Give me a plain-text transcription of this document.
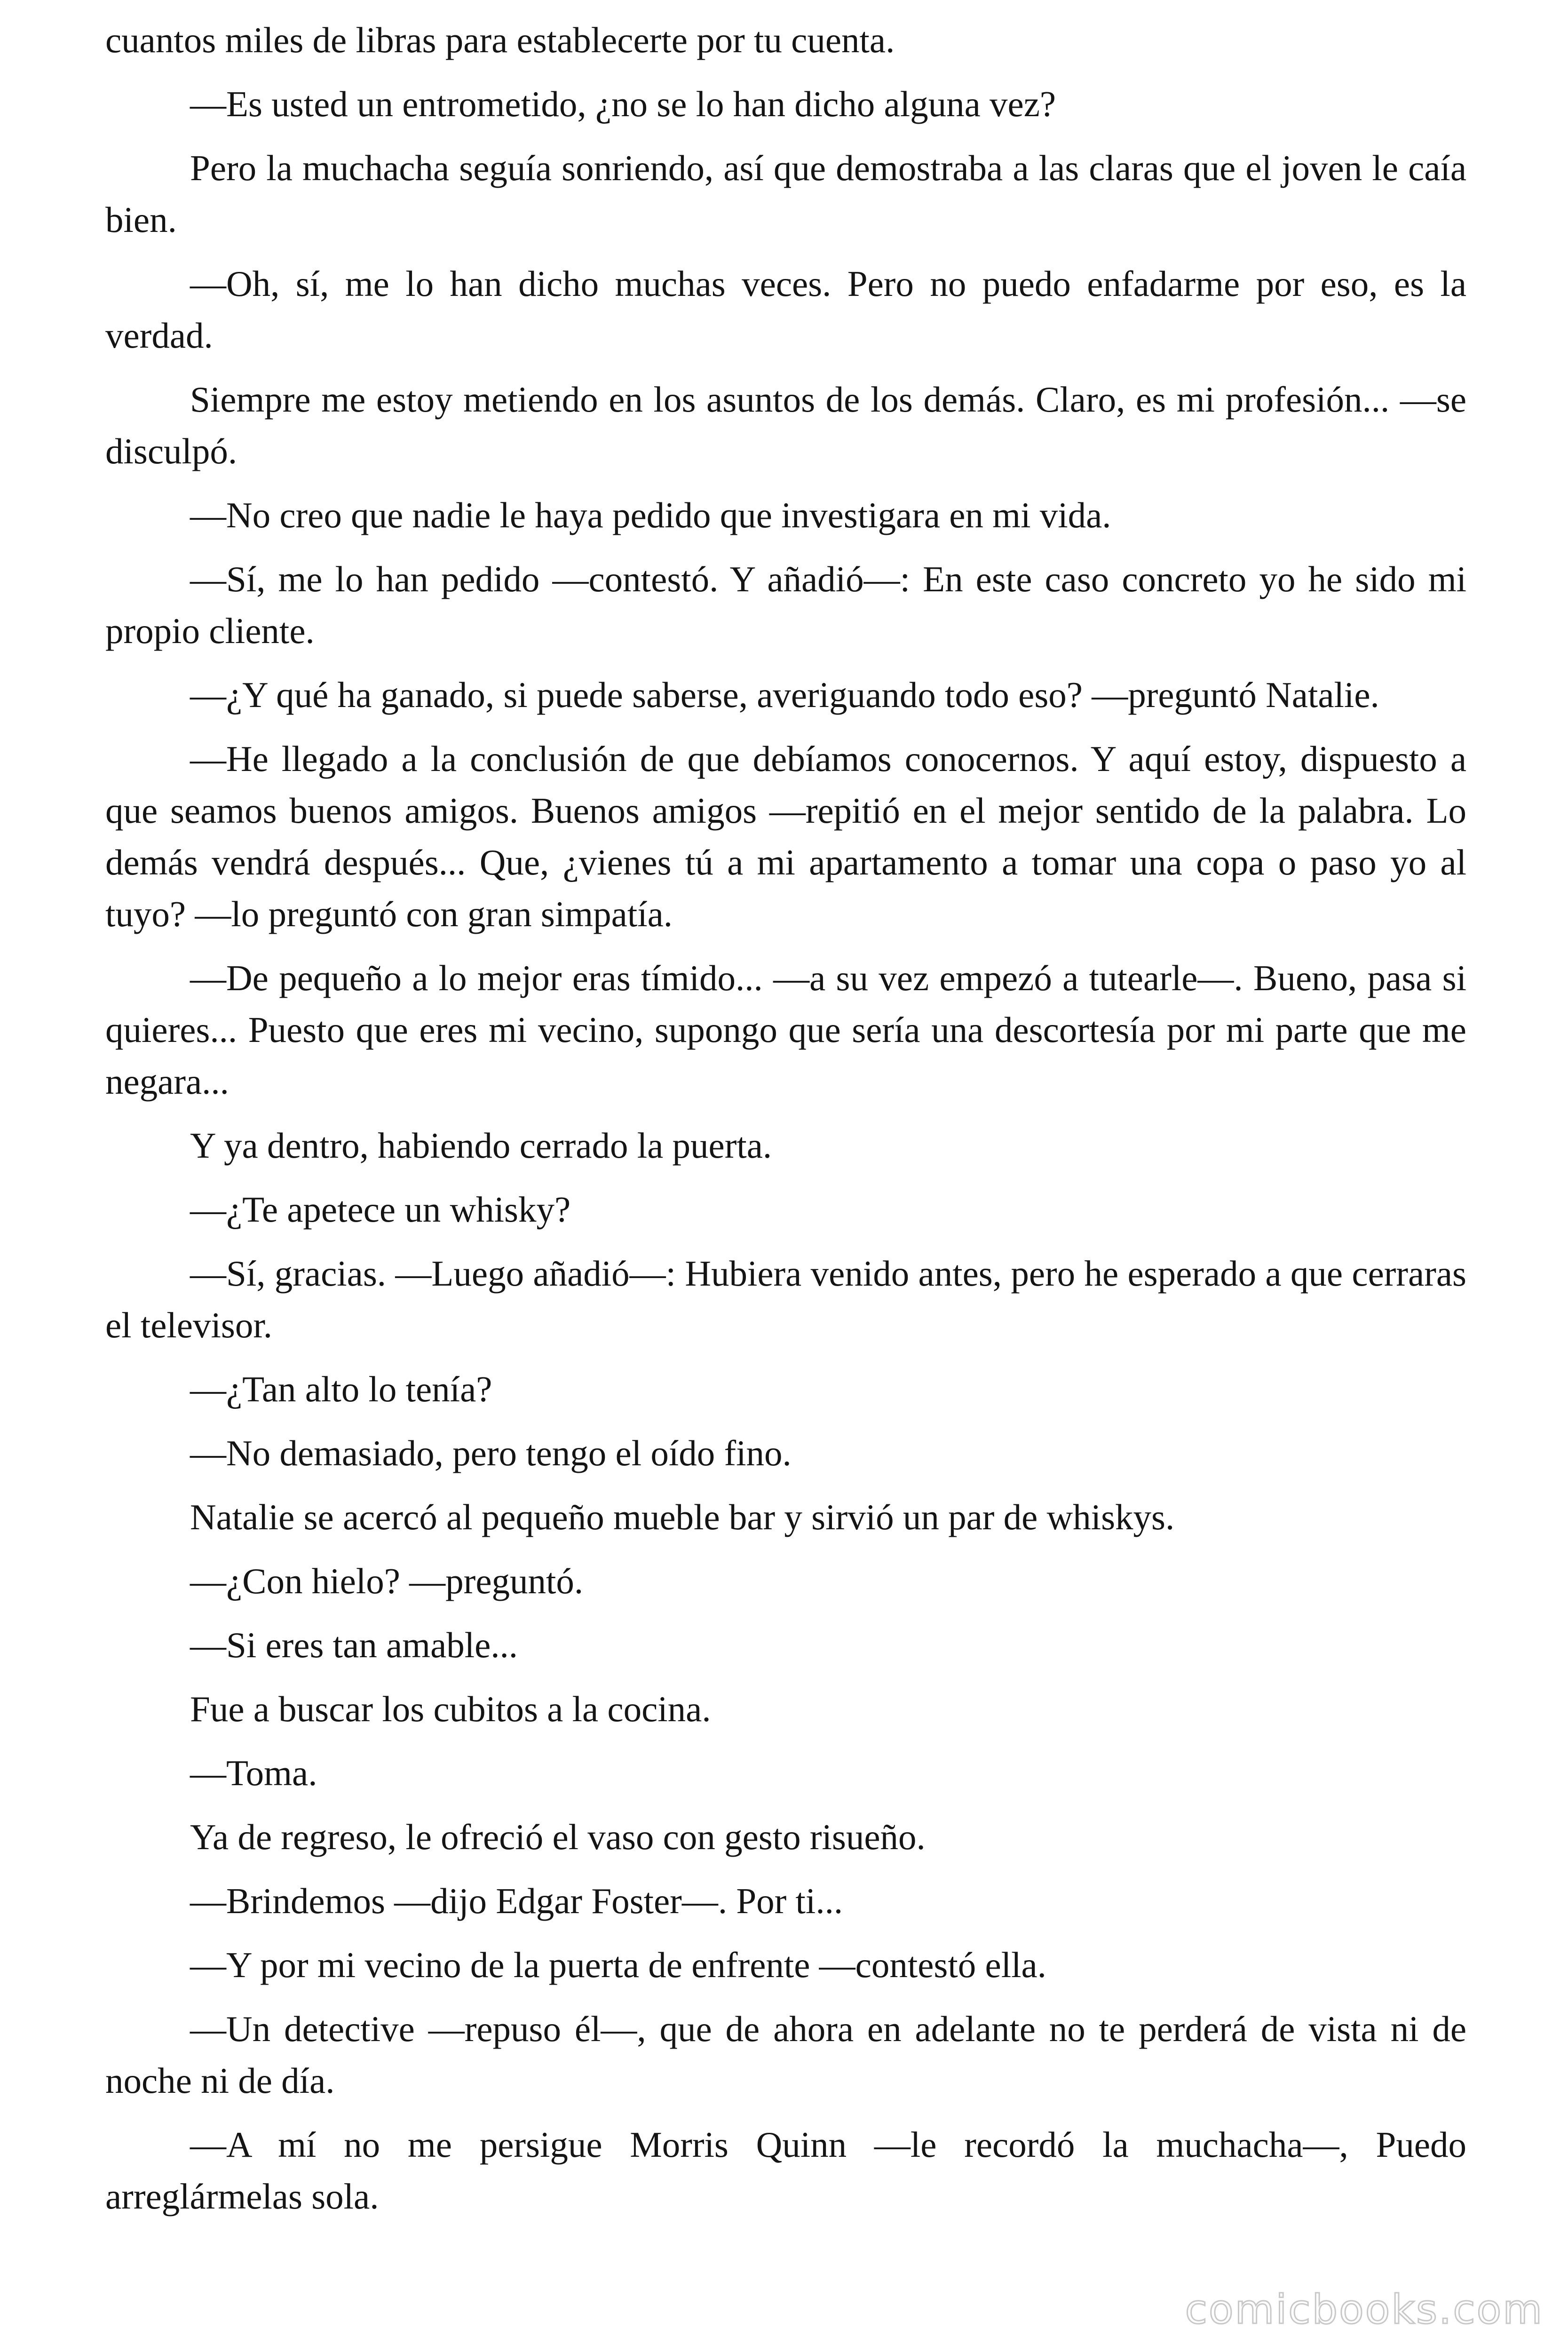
cuantos miles de libras para establecerte por tu cuenta.

—Es usted un entrometido, ¿no se lo han dicho alguna vez?

Pero la muchacha seguía sonriendo, así que demostraba a las claras que el joven le caía bien.

—Oh, sí, me lo han dicho muchas veces. Pero no puedo enfadarme por eso, es la verdad.

Siempre me estoy metiendo en los asuntos de los demás. Claro, es mi profesión... —se disculpó.

—No creo que nadie le haya pedido que investigara en mi vida.

—Sí, me lo han pedido —contestó. Y añadió—: En este caso concreto yo he sido mi propio cliente.

—¿Y qué ha ganado, si puede saberse, averiguando todo eso? —preguntó Natalie.

—He llegado a la conclusión de que debíamos conocernos. Y aquí estoy, dispuesto a que seamos buenos amigos. Buenos amigos —repitió en el mejor sentido de la palabra. Lo demás vendrá después... Que, ¿vienes tú a mi apartamento a tomar una copa o paso yo al tuyo? —lo preguntó con gran simpatía.

—De pequeño a lo mejor eras tímido... —a su vez empezó a tutearle—. Bueno, pasa si quieres... Puesto que eres mi vecino, supongo que sería una descortesía por mi parte que me negara...

Y ya dentro, habiendo cerrado la puerta.

—¿Te apetece un whisky?

—Sí, gracias. —Luego añadió—: Hubiera venido antes, pero he esperado a que cerraras el televisor.

—¿Tan alto lo tenía?

—No demasiado, pero tengo el oído fino.

Natalie se acercó al pequeño mueble bar y sirvió un par de whiskys.

—¿Con hielo? —preguntó.

—Si eres tan amable...

Fue a buscar los cubitos a la cocina.

—Toma.

Ya de regreso, le ofreció el vaso con gesto risueño.

—Brindemos —dijo Edgar Foster—. Por ti...

—Y por mi vecino de la puerta de enfrente —contestó ella.

—Un detective —repuso él—, que de ahora en adelante no te perderá de vista ni de noche ni de día.

—A mí no me persigue Morris Quinn —le recordó la muchacha—, Puedo arreglármelas sola.

comicbooks.com
